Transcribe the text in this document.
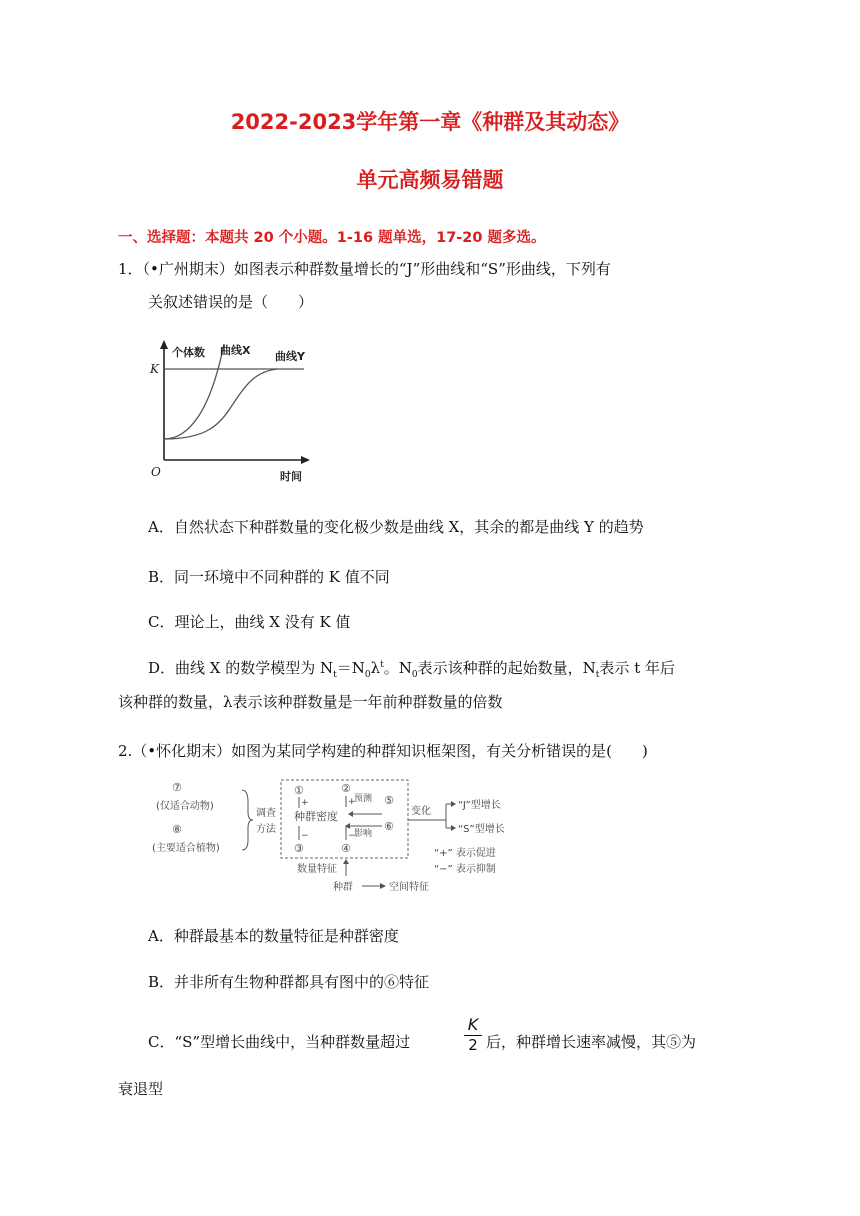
2022-2023学年第一章《种群及其动态》
单元高频易错题
一、选择题：本题共 20 个小题。1-16 题单选，17-20 题多选。
1．（•广州期末）如图表示种群数量增长的“J”形曲线和“S”形曲线，下列有
关叙述错误的是（　　）
个体数 曲线X 曲线Y
K
O	时间
A．自然状态下种群数量的变化极少数是曲线 X，其余的都是曲线 Y 的趋势
B．同一环境中不同种群的 K 值不同
C．理论上，曲线 X 没有 K 值
D．曲线 X 的数学模型为 $N_t=N_0\lambda^t$。$N_0$表示该种群的起始数量，$N_t$表示 t 年后
该种群的数量，λ表示该种群数量是一年前种群数量的倍数
2.（•怀化期末）如图为某同学构建的种群知识框架图，有关分析错误的是(　　)
⑦
(仅适合动物)
⑧
(主要适合植物)
调查
方法
①	②
+	+
预测 ⑤
种群密度
影响
⑥
−	−
③	④
变化
“J”型增长
“S”型增长
“+” 表示促进
“−” 表示抑制
数量特征
种群	空间特征
A．种群最基本的数量特征是种群密度
B．并非所有生物种群都具有图中的⑥特征
C．“S”型增长曲线中，当种群数量超过
K
2 后，种群增长速率减慢，其⑤为
衰退型
